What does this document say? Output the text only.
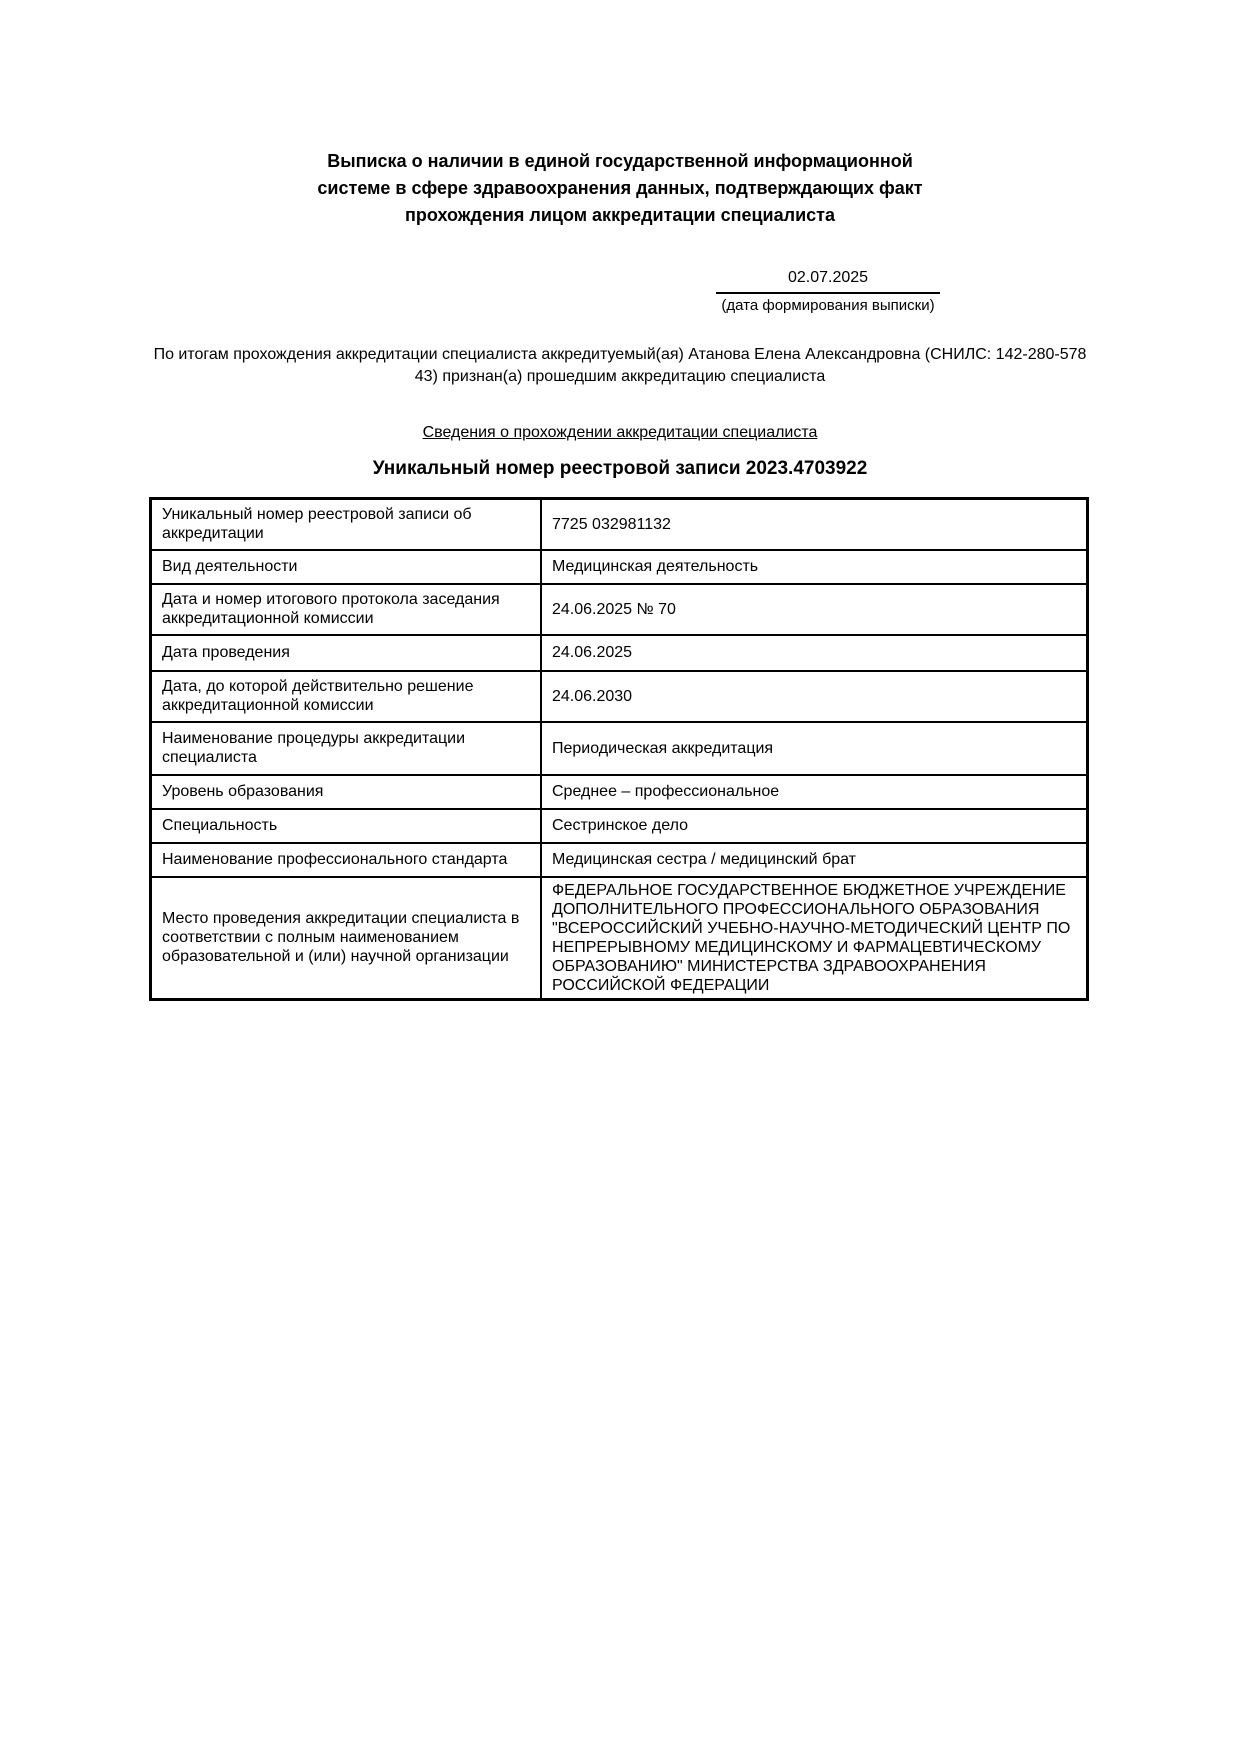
Выписка о наличии в единой государственной информационной
системе в сфере здравоохранения данных, подтверждающих факт
прохождения лицом аккредитации специалиста
02.07.2025
(дата формирования выписки)
По итогам прохождения аккредитации специалиста аккредитуемый(ая) Атанова Елена Александровна (СНИЛС: 142-280-578 43) признан(а) прошедшим аккредитацию специалиста
Сведения о прохождении аккредитации специалиста
Уникальный номер реестровой записи 2023.4703922
Уникальный номер реестровой записи об аккредитации	7725 032981132
Вид деятельности	Медицинская деятельность
Дата и номер итогового протокола заседания аккредитационной комиссии	24.06.2025 № 70
Дата проведения	24.06.2025
Дата, до которой действительно решение аккредитационной комиссии	24.06.2030
Наименование процедуры аккредитации специалиста	Периодическая аккредитация
Уровень образования	Среднее – профессиональное
Специальность	Сестринское дело
Наименование профессионального стандарта	Медицинская сестра / медицинский брат
Место проведения аккредитации специалиста в соответствии с полным наименованием образовательной и (или) научной организации	ФЕДЕРАЛЬНОЕ ГОСУДАРСТВЕННОЕ БЮДЖЕТНОЕ УЧРЕЖДЕНИЕ ДОПОЛНИТЕЛЬНОГО ПРОФЕССИОНАЛЬНОГО ОБРАЗОВАНИЯ "ВСЕРОССИЙСКИЙ УЧЕБНО-НАУЧНО-МЕТОДИЧЕСКИЙ ЦЕНТР ПО НЕПРЕРЫВНОМУ МЕДИЦИНСКОМУ И ФАРМАЦЕВТИЧЕСКОМУ ОБРАЗОВАНИЮ" МИНИСТЕРСТВА ЗДРАВООХРАНЕНИЯ РОССИЙСКОЙ ФЕДЕРАЦИИ
